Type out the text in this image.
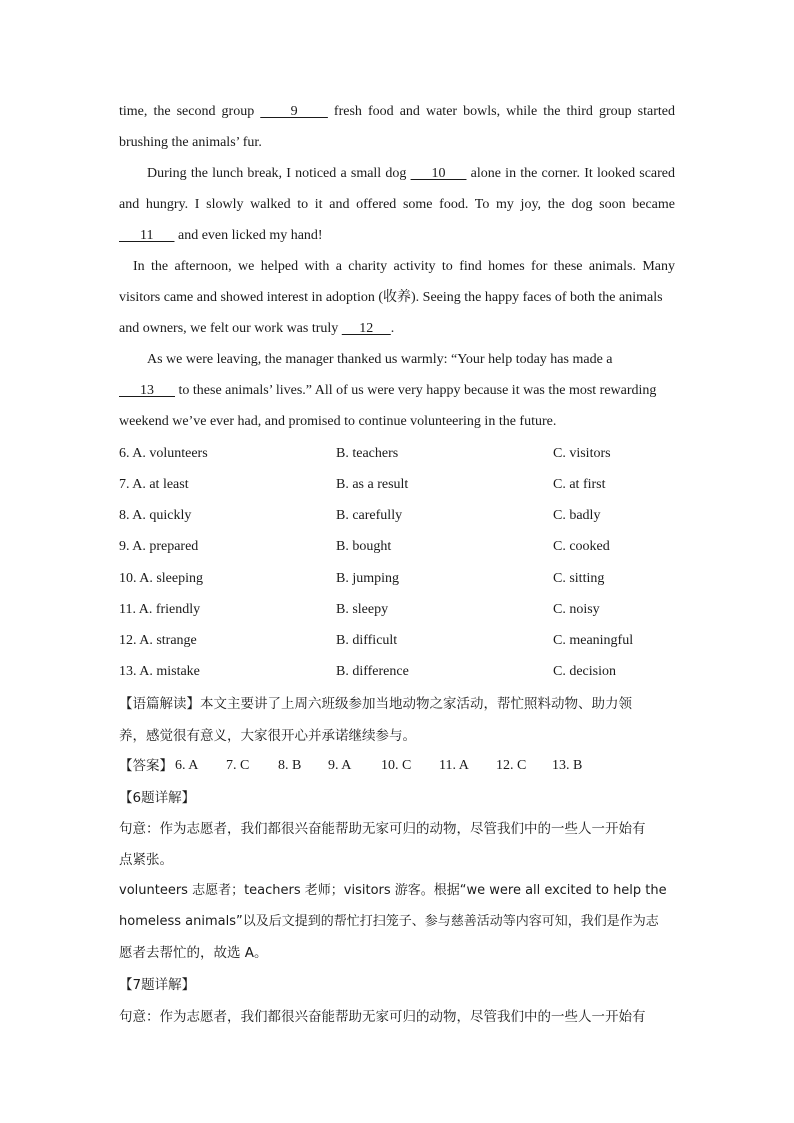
time, the second group      9      fresh food and water bowls, while the third group started
brushing the animals’ fur.
During the lunch break, I noticed a small dog      10      alone in the corner. It looked scared
and hungry. I slowly walked to it and offered some food. To my joy, the dog soon became
11       and even licked my hand!
In the afternoon, we helped with a charity activity to find homes for these animals. Many
visitors came and showed interest in adoption (收养). Seeing the happy faces of both the animals
and owners, we felt our work was truly      12     .
As we were leaving, the manager thanked us warmly: “Your help today has made a
13       to these animals’ lives.” All of us were very happy because it was the most rewarding
weekend we’ve ever had, and promised to continue volunteering in the future.
6. A. volunteers	B. teachers	C. visitors
7. A. at least	B. as a result	C. at first
8. A. quickly	B. carefully	C. badly
9. A. prepared	B. bought	C. cooked
10. A. sleeping	B. jumping	C. sitting
11. A. friendly	B. sleepy	C. noisy
12. A. strange	B. difficult	C. meaningful
13. A. mistake	B. difference	C. decision
【语篇解读】本文主要讲了上周六班级参加当地动物之家活动，帮忙照料动物、助力领
养，感觉很有意义，大家很开心并承诺继续参与。
【答案】 6. A 7. C 8. B 9. A 10. C 11. A 12. C 13. B
【6题详解】
句意：作为志愿者，我们都很兴奋能帮助无家可归的动物，尽管我们中的一些人一开始有
点紧张。
volunteers 志愿者；teachers 老师；visitors 游客。根据“we were all excited to help the
homeless animals”以及后文提到的帮忙打扫笼子、参与慈善活动等内容可知，我们是作为志
愿者去帮忙的，故选 A。
【7题详解】
句意：作为志愿者，我们都很兴奋能帮助无家可归的动物，尽管我们中的一些人一开始有
